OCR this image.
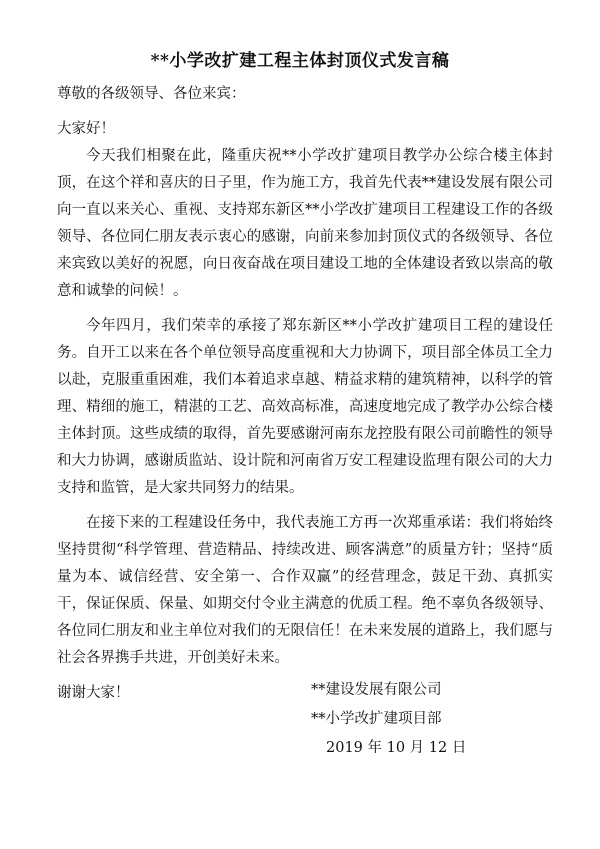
**小学改扩建工程主体封顶仪式发言稿
尊敬的各级领导、各位来宾：
大家好！

今天我们相聚在此，隆重庆祝**小学改扩建项目教学办公综合楼主体封顶，在这个祥和喜庆的日子里，作为施工方，我首先代表**建设发展有限公司向一直以来关心、重视、支持郑东新区**小学改扩建项目工程建设工作的各级领导、各位同仁朋友表示衷心的感谢，向前来参加封顶仪式的各级领导、各位来宾致以美好的祝愿，向日夜奋战在项目建设工地的全体建设者致以崇高的敬意和诚挚的问候！。

今年四月，我们荣幸的承接了郑东新区**小学改扩建项目工程的建设任务。自开工以来在各个单位领导高度重视和大力协调下，项目部全体员工全力以赴，克服重重困难，我们本着追求卓越、精益求精的建筑精神，以科学的管理、精细的施工，精湛的工艺、高效高标准，高速度地完成了教学办公综合楼主体封顶。这些成绩的取得，首先要感谢河南东龙控股有限公司前瞻性的领导和大力协调，感谢质监站、设计院和河南省万安工程建设监理有限公司的大力支持和监管，是大家共同努力的结果。

在接下来的工程建设任务中，我代表施工方再一次郑重承诺：我们将始终坚持贯彻“科学管理、营造精品、持续改进、顾客满意”的质量方针；坚持“质量为本、诚信经营、安全第一、合作双赢”的经营理念，鼓足干劲、真抓实干，保证保质、保量、如期交付令业主满意的优质工程。绝不辜负各级领导、各位同仁朋友和业主单位对我们的无限信任！在未来发展的道路上，我们愿与社会各界携手共进，开创美好未来。

谢谢大家！	**建设发展有限公司
**小学改扩建项目部
2019 年 10 月 12 日
